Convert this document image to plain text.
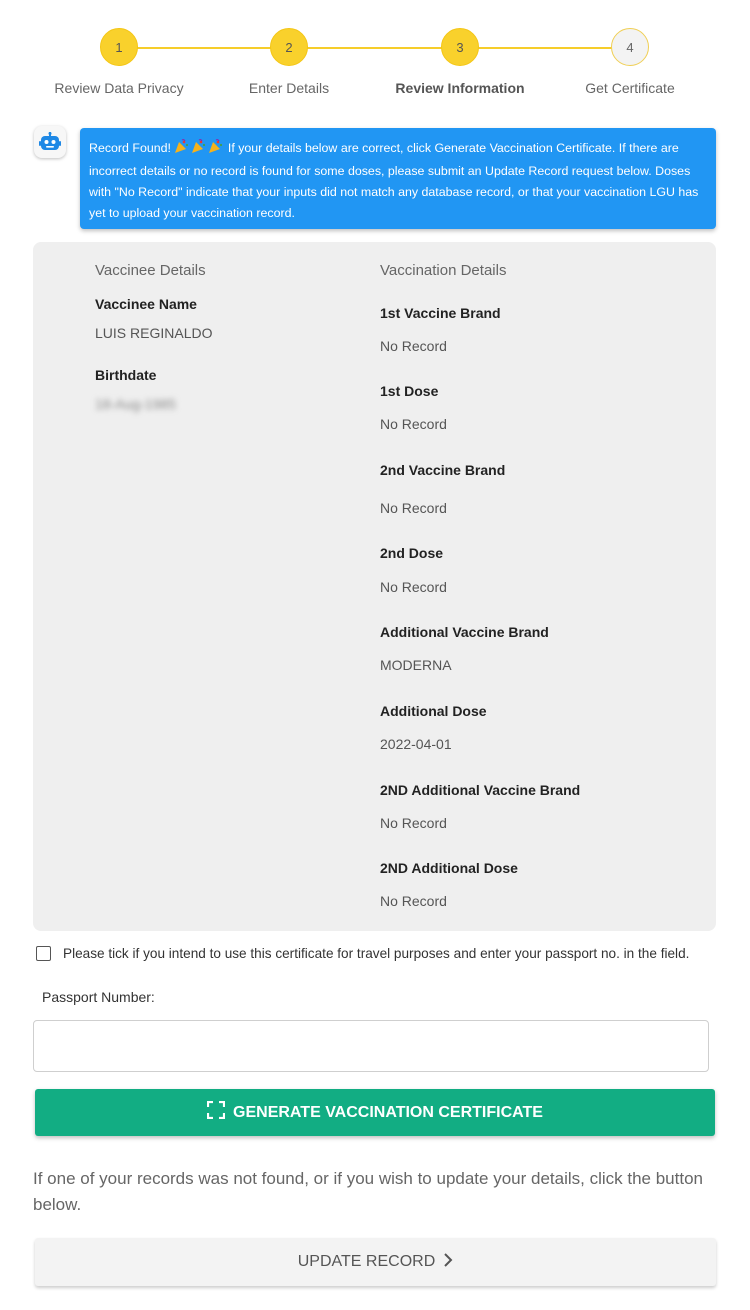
1
Review Data Privacy
2
Enter Details
3
Review Information
4
Get Certificate
Record Found!	If your details below are correct, click Generate Vaccination Certificate. If there are incorrect details or no record is found for some doses, please submit an Update Record request below. Doses with "No Record" indicate that your inputs did not match any database record, or that your vaccination LGU has yet to upload your vaccination record.
Vaccinee Details
Vaccinee Name
LUIS REGINALDO
Birthdate
18-Aug-1985
Vaccination Details
1st Vaccine Brand
No Record
1st Dose
No Record
2nd Vaccine Brand
No Record
2nd Dose
No Record
Additional Vaccine Brand
MODERNA
Additional Dose
2022-04-01
2ND Additional Vaccine Brand
No Record
2ND Additional Dose
No Record
Please tick if you intend to use this certificate for travel purposes and enter your passport no. in the field.
Passport Number:
GENERATE VACCINATION CERTIFICATE
If one of your records was not found, or if you wish to update your details, click the button below.
UPDATE RECORD
